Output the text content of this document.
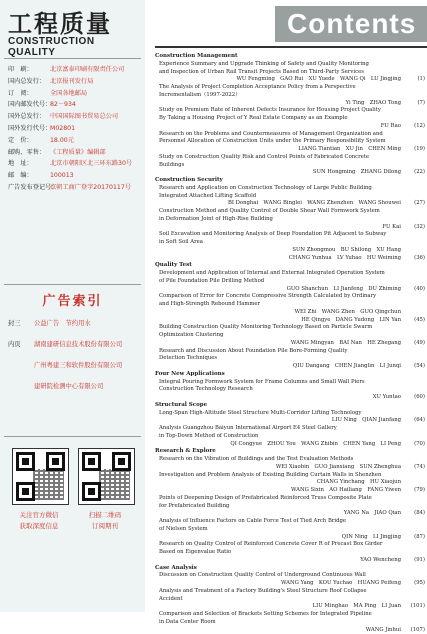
工程质量
CONSTRUCTION QUALITY
印　刷：	北京富泰印刷有限责任公司
国内总发行： 北京报刊发行局
订　阅：	全国各地邮局
国内邮发代号：
82－934
国外总发行： 中国国际图书贸易总公司
国外发行代号：
M02801
定　价：	18.00元
邮购、零售： 《工程质量》编辑部
地　址：	北京市朝阳区北三环东路30号
邮　编：	100013
广告发布登记号：
京朝工商广登字20170117号
广告索引
封三	公益广告　节约用水
内页	湖南建研信息技术股份有限公司
广州粤建三和软件股份有限公司
建研院检测中心有限公司
关注官方微信
获取深度信息
扫描二维码
订阅期刊
Contents
Construction Management
Experience Summary and Upgrade Thinking of Safety and Quality Monitoring
and Inspection of Urban Rail Transit Projects Based on Third-Party Services
WU Fengming　GAO Rui　XU Yuede　WANG Qi　LU Jingjing	(1)
The Analysis of Project Completion Acceptance Policy from a Perspective
Incrementalism（1997-2022）
Yi Ting　ZHAO Tong	(7)
Study on Premium Rate of Inherent Defects Insurance for Housing Project Quality
By Taking a Housing Project of Y Real Estate Company as an Example
FU Rao	(12)
Research on the Problems and Countermeasures of Management Organization and
Personnel Allocation of Construction Units under the Primary Responsibility System
LIANG Tiantian　XU Jin　CHEN Ming	(19)
Study on Construction Quality Risk and Control Points of Fabricated Concrete
Buildings
SUN Hongming　ZHANG Dilong	(22)
Construction Security
Research and Application on Construction Technology of Large Public Building
Integrated Attached Lifting Scaffold
BI Donghai　WANG Binglei　WANG Zhenzhen　WANG Shouwei	(27)
Construction Method and Quality Control of Double Shear Wall Formwork System
in Deformation Joint of High-Rise Building
FU Kai	(32)
Soil Excavation and Monitoring Analysis of Deep Foundation Pit Adjacent to Subway
in Soft Soil Area
SUN Zhongmou　BU Shilong　XU Hang
CHANG Yunhua　LV Yuhao　HU Weiming	(36)
Quality Test
Development and Application of Internal and External Integrated Operation System
of Pile Foundation Pile Drilling Method
GUO Shanchun　LI Jianfeng　DU Zhiming	(40)
Comparison of Error for Concrete Compressive Strength Calculated by Ordinary
and High-Strength Rebound Hammer
WEI Zhi　WANG Zhen　GUO Qingchun
HE Qingye　DANG Yudong　LIN Yan	(45)
Building Construction Quality Monitoring Technology Based on Particle Swarm
Optimization Clustering
WANG Mingyan　BAI Nan　HE Zhegang	(49)
Research and Discussion About Foundation Pile Bore-Forming Quality
Detection Techniques
QIU Dangang　CHEN Jianglin　LI Junqi	(54)
Four New Applications
Integral Pouring Formwork System for Frame Columns and Small Wall Piers
Construction Technology Research
XU Yuntao	(60)
Structural Scope
Long-Span High-Altitude Steel Structure Multi-Corridor Lifting Technology
LIU Ning　QIAN Jianfang	(64)
Analysis Guangzhou Baiyun International Airport E4 Steel Gallery
in Top-Down Method of Construction
QI Congyue　ZHOU You　WANG Zhibin　CHEN Yang　LI Peng	(70)
Research & Explore
Research on the Vibration of Buildings and the Test Evaluation Methods
WEI Xiaobin　GUO Jianxiang　SUN Zhenghua	(74)
Investigation and Problem Analysis of Existing Building Curtain Walls in Shenzhen
CHANG Yinchang　HU Xiaojun
WANG Sixin　AO Hailiang　FANG Yiwen	(79)
Points of Deepening Design of Prefabricated Reinforced Truss Composite Plate
for Prefabricated Building
YANG Na　JIAO Qian	(84)
Analysis of Influence Factors on Cable Force Test of Tied Arch Bridge
of Nielsen System
QIN Ning　LI Jingjing	(87)
Research on Quality Control of Reinforced Concrete Cover R of Precast Box Girder
Based on Eigenvalue Ratio
YAO Wencheng	(91)
Case Analysis
Discussion on Construction Quality Control of Underground Continuous Wall
WANG Yang　KOU Yuchao　HUANG Peifeng	(95)
Analysis and Treatment of a Factory Building's Steel Structure Roof Collapse
Accident
LIU Minghao　MA Ping　LI Juan	(101)
Comparison and Selection of Brackets Setting Schemes for Integrated Pipeline
in Data Center Room
WANG Jinhui	(107)
